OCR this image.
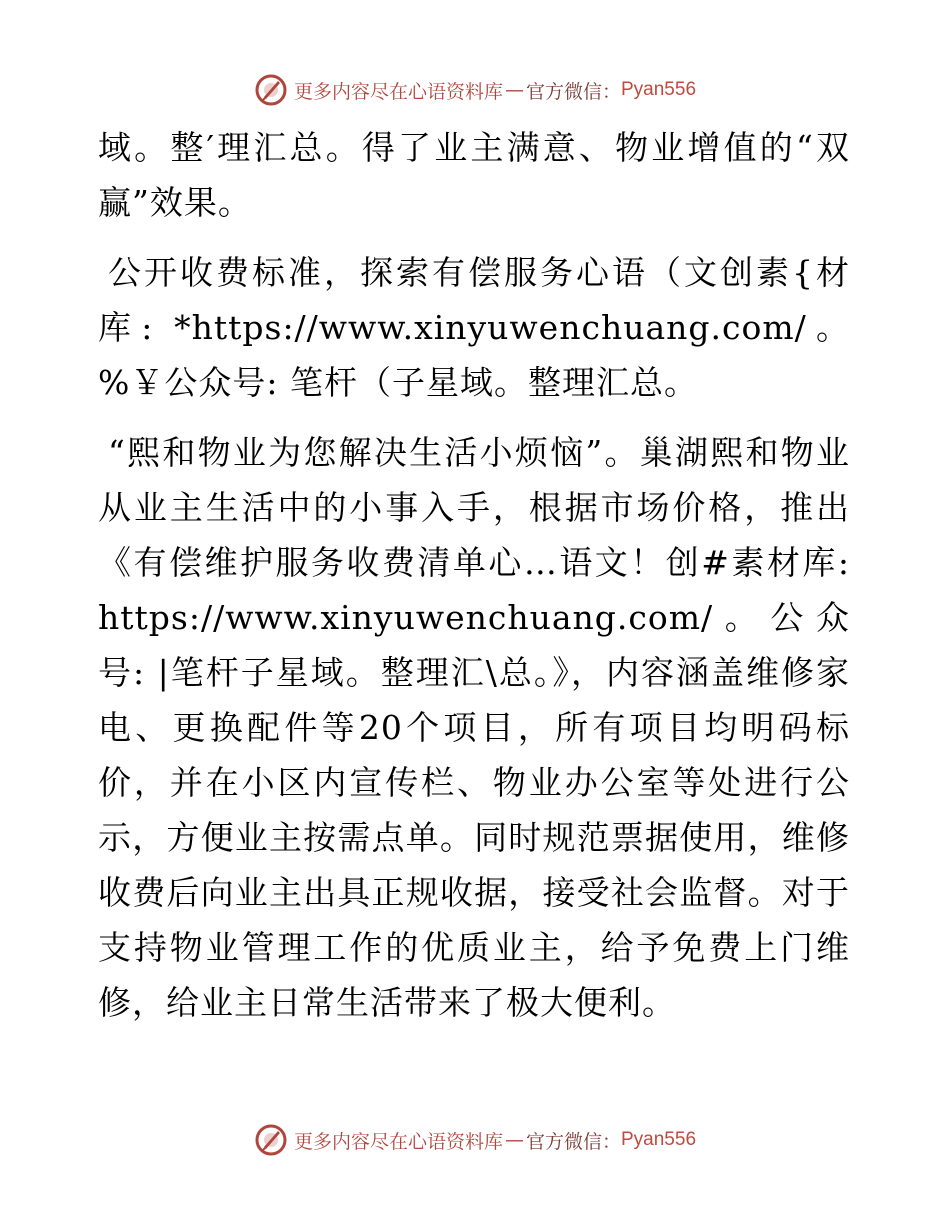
更多内容尽在心语资料库 — 官方微信： Pyan556

域。整′理汇总。得了业主满意、物业增值的“双赢”效果。

公开收费标准，探索有偿服务心语（文创素{材库: *https://www.xinyuwenchuang.com/。%￥公众号: 笔杆（子星域。整理汇总。

“熙和物业为您解决生活小烦恼”。巢湖熙和物业从业主生活中的小事入手，根据市场价格，推出《有偿维护服务收费清单心…语文！创#素材库: https://www.xinyuwenchuang.com/。公众号: |笔杆子星域。整理汇\总。》，内容涵盖维修家电、更换配件等20个项目，所有项目均明码标价，并在小区内宣传栏、物业办公室等处进行公示，方便业主按需点单。同时规范票据使用，维修收费后向业主出具正规收据，接受社会监督。对于支持物业管理工作的优质业主，给予免费上门维修，给业主日常生活带来了极大便利。

更多内容尽在心语资料库 — 官方微信： Pyan556
